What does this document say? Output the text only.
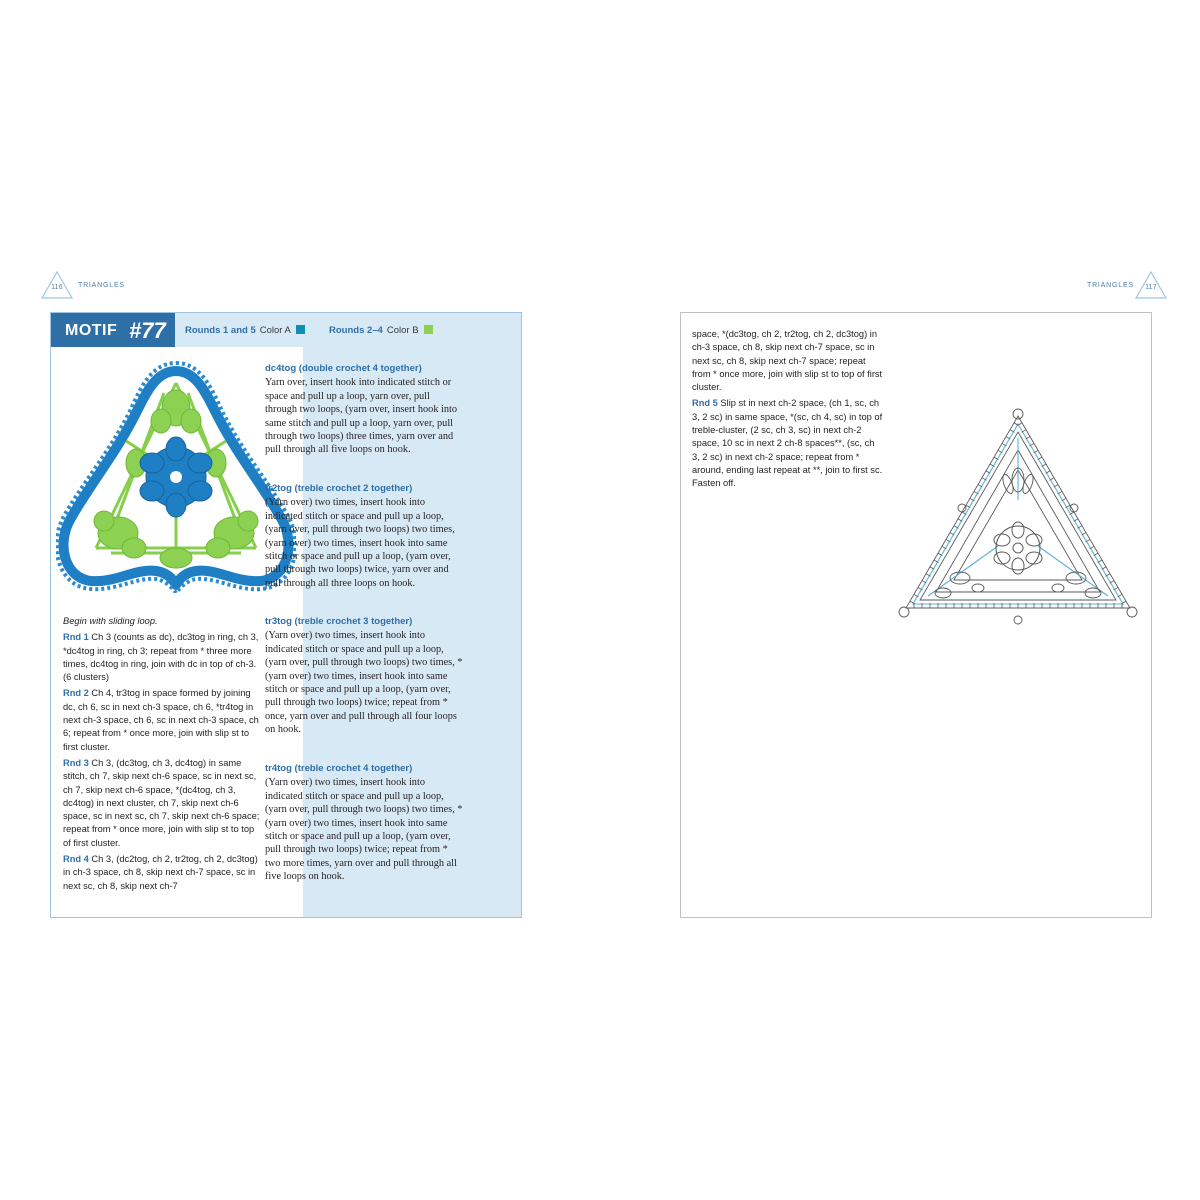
116	TRIANGLES	TRIANGLES	117
MOTIF #77 Rounds 1 and 5 Color A	Rounds 2–4 Color B

Begin with sliding loop.

Rnd 1 Ch 3 (counts as dc), dc3tog in ring, ch 3, *dc4tog in ring, ch 3; repeat from * three more times, dc4tog in ring, join with dc in top of ch-3. (6 clusters)

Rnd 2 Ch 4, tr3tog in space formed by joining dc, ch 6, sc in next ch-3 space, ch 6, *tr4tog in next ch-3 space, ch 6, sc in next ch-3 space, ch 6; repeat from * once more, join with slip st to first cluster.

Rnd 3 Ch 3, (dc3tog, ch 3, dc4tog) in same stitch, ch 7, skip next ch-6 space, sc in next sc, ch 7, skip next ch-6 space, *(dc4tog, ch 3, dc4tog) in next cluster, ch 7, skip next ch-6 space, sc in next sc, ch 7, skip next ch-6 space; repeat from * once more, join with slip st to top of first cluster.

Rnd 4 Ch 3, (dc2tog, ch 2, tr2tog, ch 2, dc3tog) in ch-3 space, ch 8, skip next ch-7 space, sc in next sc, ch 8, skip next ch-7

dc4tog (double crochet 4 together)
Yarn over, insert hook into indicated stitch or space and pull up a loop, yarn over, pull through two loops, (yarn over, insert hook into same stitch and pull up a loop, yarn over, pull through two loops) three times, yarn over and pull through all five loops on hook.
tr2tog (treble crochet 2 together)
(Yarn over) two times, insert hook into indicated stitch or space and pull up a loop, (yarn over, pull through two loops) two times, (yarn over) two times, insert hook into same stitch or space and pull up a loop, (yarn over, pull through two loops) twice, yarn over and pull through all three loops on hook.
tr3tog (treble crochet 3 together)
(Yarn over) two times, insert hook into indicated stitch or space and pull up a loop, (yarn over, pull through two loops) two times, *(yarn over) two times, insert hook into same stitch or space and pull up a loop, (yarn over, pull through two loops) twice; repeat from * once, yarn over and pull through all four loops on hook.
tr4tog (treble crochet 4 together)
(Yarn over) two times, insert hook into indicated stitch or space and pull up a loop, (yarn over, pull through two loops) two times, *(yarn over) two times, insert hook into same stitch or space and pull up a loop, (yarn over, pull through two loops) twice; repeat from * two more times, yarn over and pull through all five loops on hook.

space, *(dc3tog, ch 2, tr2tog, ch 2, dc3tog) in ch-3 space, ch 8, skip next ch-7 space, sc in next sc, ch 8, skip next ch-7 space; repeat from * once more, join with slip st to top of first cluster.

Rnd 5 Slip st in next ch-2 space, (ch 1, sc, ch 3, 2 sc) in same space, *(sc, ch 4, sc) in top of treble-cluster, (2 sc, ch 3, sc) in next ch-2 space, 10 sc in next 2 ch-8 spaces**, (sc, ch 3, 2 sc) in next ch-2 space; repeat from * around, ending last repeat at **, join to first sc. Fasten off.
